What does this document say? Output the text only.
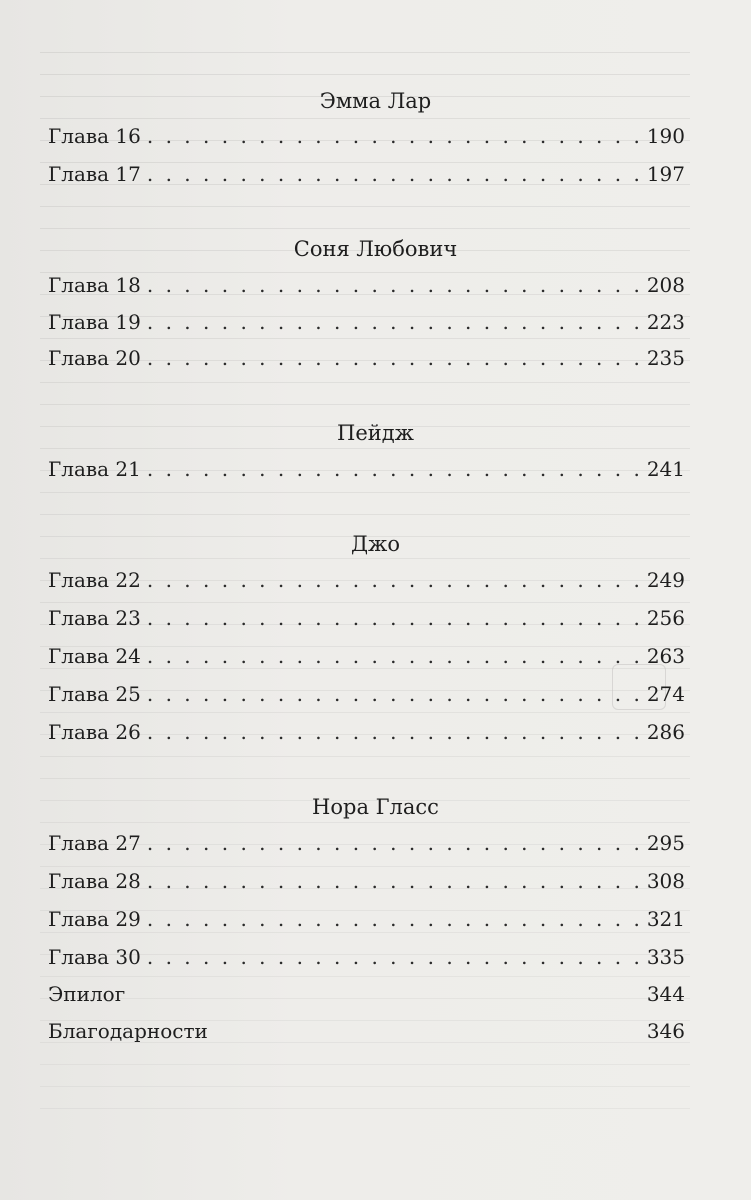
Эмма Лар
Глава 16 . . .	190
Глава 17 . . .	197
Соня Любович
Глава 18 . . .	208
Глава 19 . . .	223
Глава 20 . . .	235
Пейдж
Глава 21 . . .	241
Джо
Глава 22 . . .	249
Глава 23 . . .	256
Глава 24 . . .	263
Глава 25 . . .	274
Глава 26 . . .	286
Нора Гласс
Глава 27 . . .	295
Глава 28 . . .	308
Глава 29 . . .	321
Глава 30 . . .	335
Эпилог	344
Благодарности	346
